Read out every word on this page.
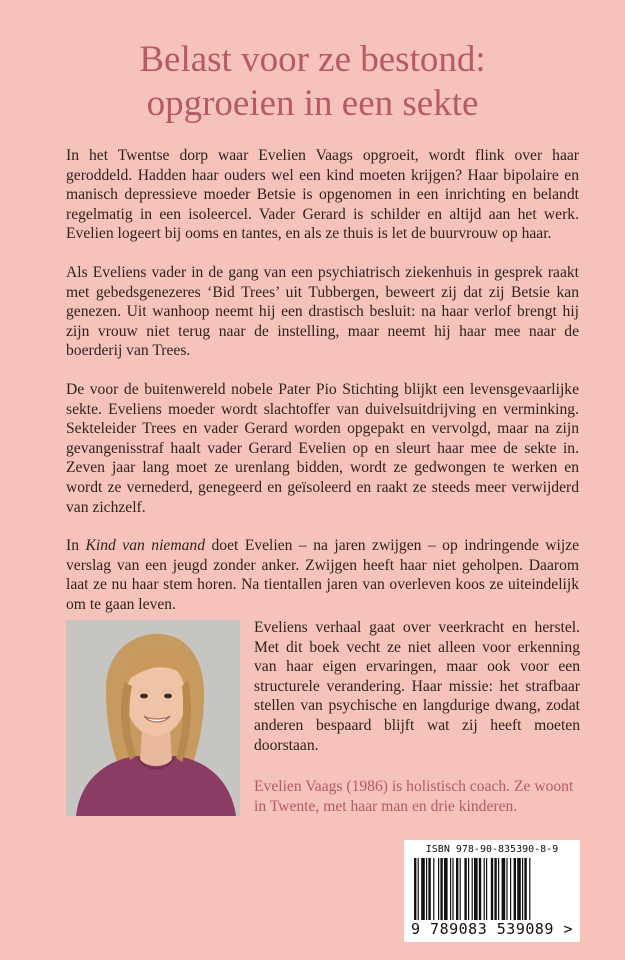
Belast voor ze bestond:
opgroeien in een sekte

In het Twentse dorp waar Evelien Vaags opgroeit, wordt flink over haar geroddeld. Hadden haar ouders wel een kind moeten krijgen? Haar bipolaire en manisch depressieve moeder Betsie is opgenomen in een inrichting en belandt regelmatig in een isoleercel. Vader Gerard is schilder en altijd aan het werk. Evelien logeert bij ooms en tantes, en als ze thuis is let de buurvrouw op haar.

Als Eveliens vader in de gang van een psychiatrisch ziekenhuis in gesprek raakt met gebedsgenezeres ‘Bid Trees’ uit Tubbergen, beweert zij dat zij Betsie kan genezen. Uit wanhoop neemt hij een drastisch besluit: na haar verlof brengt hij zijn vrouw niet terug naar de instelling, maar neemt hij haar mee naar de boerderij van Trees.

De voor de buitenwereld nobele Pater Pio Stichting blijkt een levensgevaarlijke sekte. Eveliens moeder wordt slachtoffer van duivelsuitdrijving en verminking. Sekteleider Trees en vader Gerard worden opgepakt en vervolgd, maar na zijn gevangenisstraf haalt vader Gerard Evelien op en sleurt haar mee de sekte in. Zeven jaar lang moet ze urenlang bidden, wordt ze gedwongen te werken en wordt ze vernederd, genegeerd en geïsoleerd en raakt ze steeds meer verwijderd van zichzelf.

In Kind van niemand doet Evelien – na jaren zwijgen – op indringende wijze verslag van een jeugd zonder anker. Zwijgen heeft haar niet geholpen. Daarom laat ze nu haar stem horen. Na tientallen jaren van overleven koos ze uiteindelijk om te gaan leven.

Eveliens verhaal gaat over veerkracht en herstel. Met dit boek vecht ze niet alleen voor erkenning van haar eigen ervaringen, maar ook voor een structurele verandering. Haar missie: het strafbaar stellen van psychische en langdurige dwang, zodat anderen bespaard blijft wat zij heeft moeten doorstaan.

Evelien Vaags (1986) is holistisch coach. Ze woont in Twente, met haar man en drie kinderen.
ISBN 978-90-835390-8-9
9 789083 539089 >
